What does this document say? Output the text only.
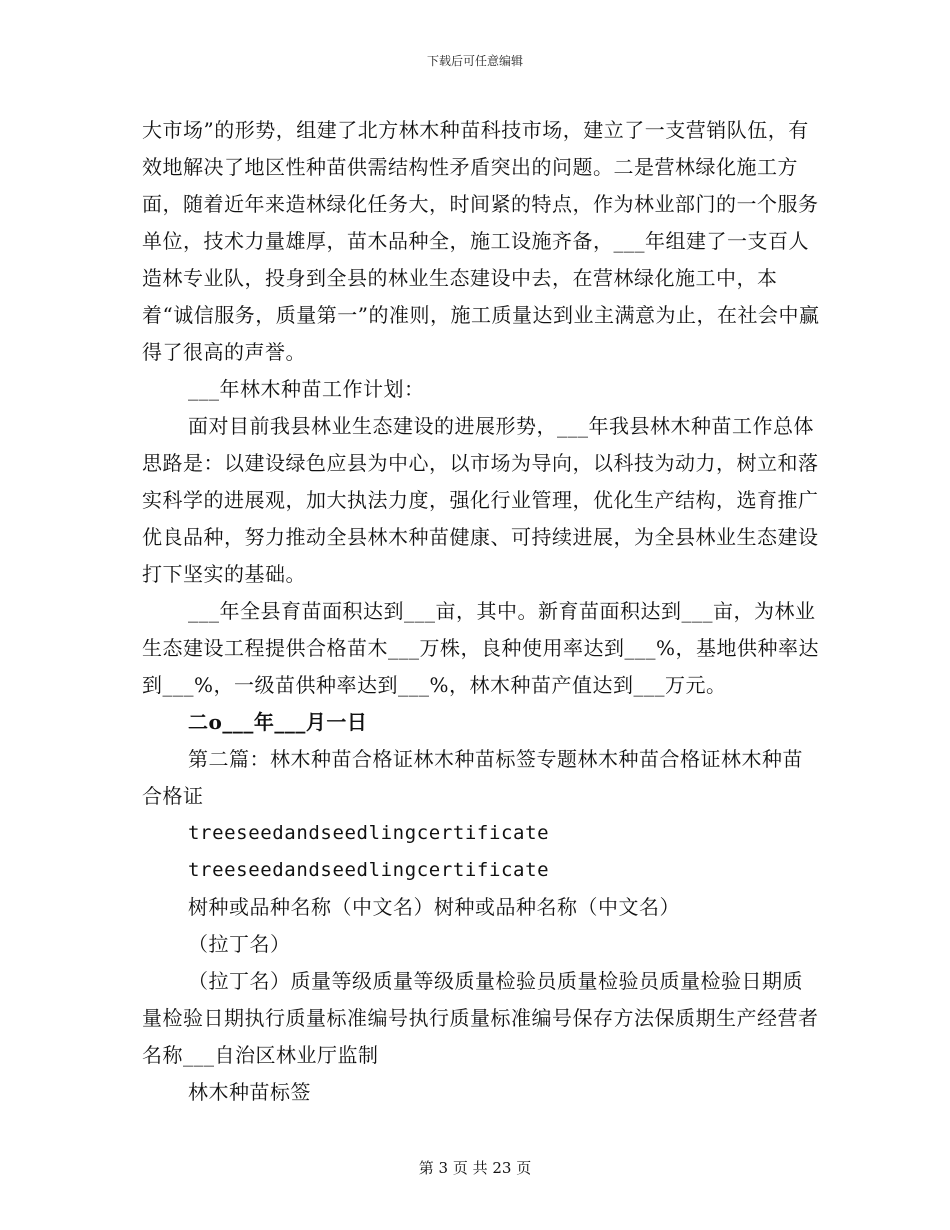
下载后可任意编辑

大市场”的形势，组建了北方林木种苗科技市场，建立了一支营销队伍，有效地解决了地区性种苗供需结构性矛盾突出的问题。二是营林绿化施工方面，随着近年来造林绿化任务大，时间紧的特点，作为林业部门的一个服务单位，技术力量雄厚，苗木品种全，施工设施齐备，___年组建了一支百人造林专业队，投身到全县的林业生态建设中去，在营林绿化施工中，本着“诚信服务，质量第一”的准则，施工质量达到业主满意为止，在社会中赢得了很高的声誉。

___年林木种苗工作计划：

面对目前我县林业生态建设的进展形势，___年我县林木种苗工作总体思路是：以建设绿色应县为中心，以市场为导向，以科技为动力，树立和落实科学的进展观，加大执法力度，强化行业管理，优化生产结构，选育推广优良品种，努力推动全县林木种苗健康、可持续进展，为全县林业生态建设打下坚实的基础。

___年全县育苗面积达到___亩，其中。新育苗面积达到___亩，为林业生态建设工程提供合格苗木___万株，良种使用率达到___%，基地供种率达到___%，一级苗供种率达到___%，林木种苗产值达到___万元。

二o___年___月一日

第二篇：林木种苗合格证林木种苗标签专题林木种苗合格证林木种苗合格证

treeseedandseedlingcertificate

treeseedandseedlingcertificate

树种或品种名称（中文名）树种或品种名称（中文名）

（拉丁名）

（拉丁名）质量等级质量等级质量检验员质量检验员质量检验日期质量检验日期执行质量标准编号执行质量标准编号保存方法保质期生产经营者名称___自治区林业厅监制

林木种苗标签

第 3 页 共 23 页
